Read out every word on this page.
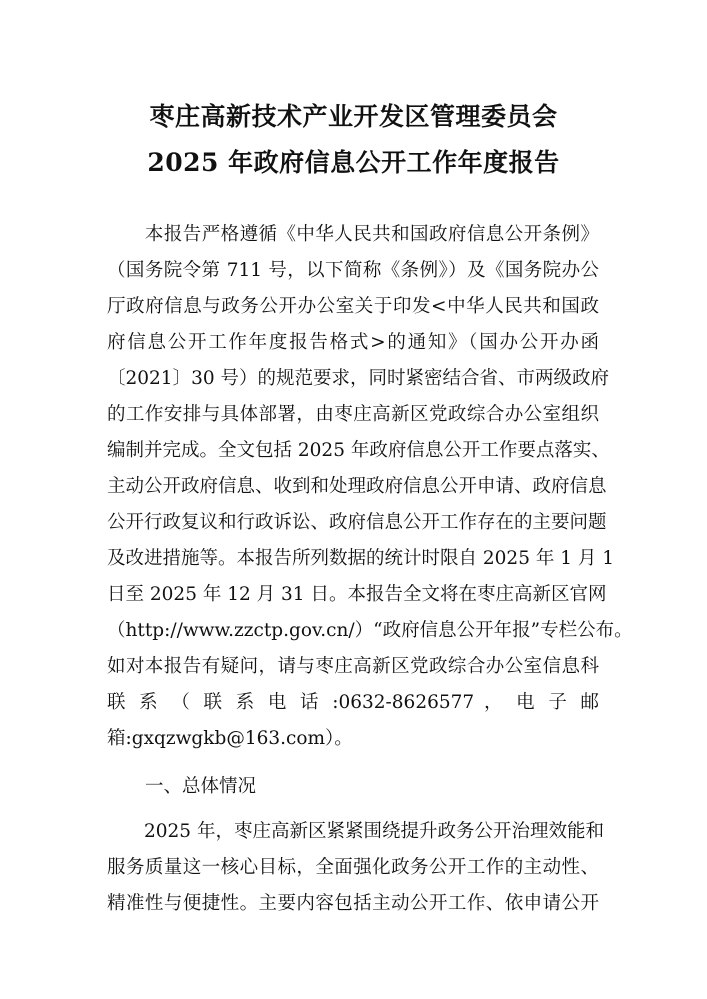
枣庄高新技术产业开发区管理委员会
2025 年政府信息公开工作年度报告
　　本报告严格遵循《中华人民共和国政府信息公开条例》
（国务院令第 711 号，以下简称《条例》）及《国务院办公
厅政府信息与政务公开办公室关于印发<中华人民共和国政
府信息公开工作年度报告格式>的通知》（国办公开办函
〔2021〕30 号）的规范要求，同时紧密结合省、市两级政府
的工作安排与具体部署，由枣庄高新区党政综合办公室组织
编制并完成。全文包括 2025 年政府信息公开工作要点落实、
主动公开政府信息、收到和处理政府信息公开申请、政府信息
公开行政复议和行政诉讼、政府信息公开工作存在的主要问题
及改进措施等。本报告所列数据的统计时限自 2025 年 1 月 1
日至 2025 年 12 月 31 日。本报告全文将在枣庄高新区官网
（http://www.zzctp.gov.cn/）“政府信息公开年报”专栏公布。
如对本报告有疑问，请与枣庄高新区党政综合办公室信息科
联 系 （ 联 系 电 话 :0632-8626577 ， 电 子 邮
箱:gxqzwgkb@163.com）。
一、总体情况
　　2025 年，枣庄高新区紧紧围绕提升政务公开治理效能和
服务质量这一核心目标，全面强化政务公开工作的主动性、
精准性与便捷性。主要内容包括主动公开工作、依申请公开
